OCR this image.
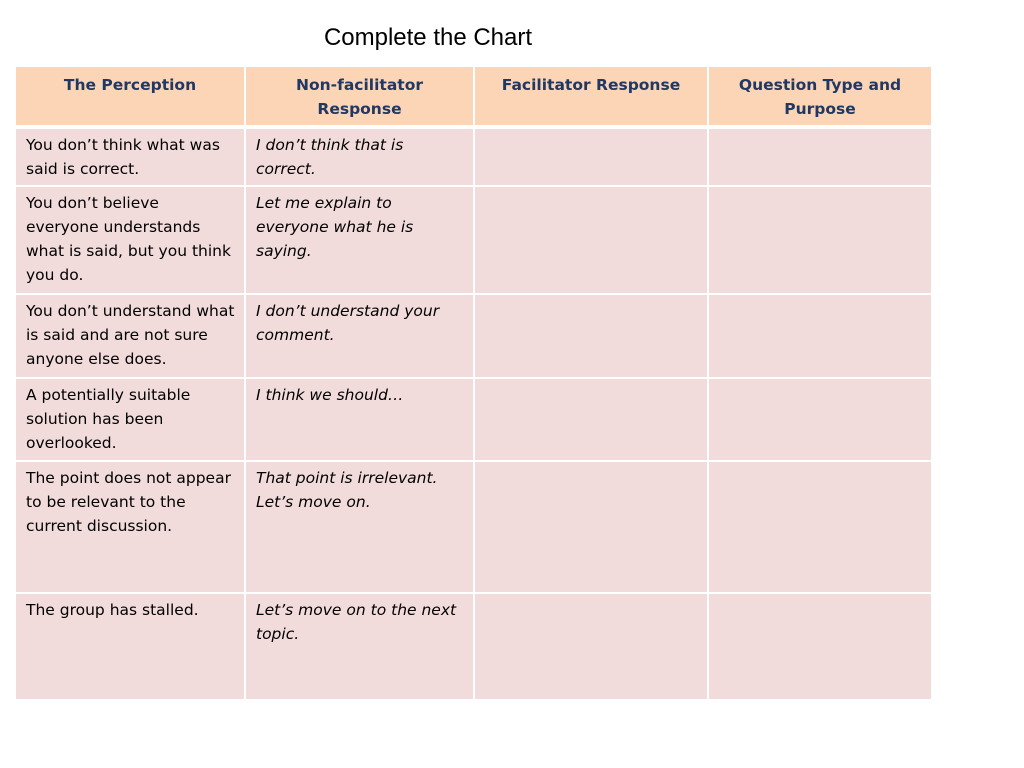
Complete the Chart
The Perception	Non-facilitator Response	Facilitator Response	Question Type and Purpose
You don’t think what was said is correct.	I don’t think that is correct.		
You don’t believe everyone understands what is said, but you think you do.	Let me explain to everyone what he is saying.		
You don’t understand what is said and are not sure anyone else does.	I don’t understand your comment.		
A potentially suitable solution has been overlooked.	I think we should…		
The point does not appear to be relevant to the current discussion.	That point is irrelevant. Let’s move on.		
The group has stalled.	Let’s move on to the next topic.		
